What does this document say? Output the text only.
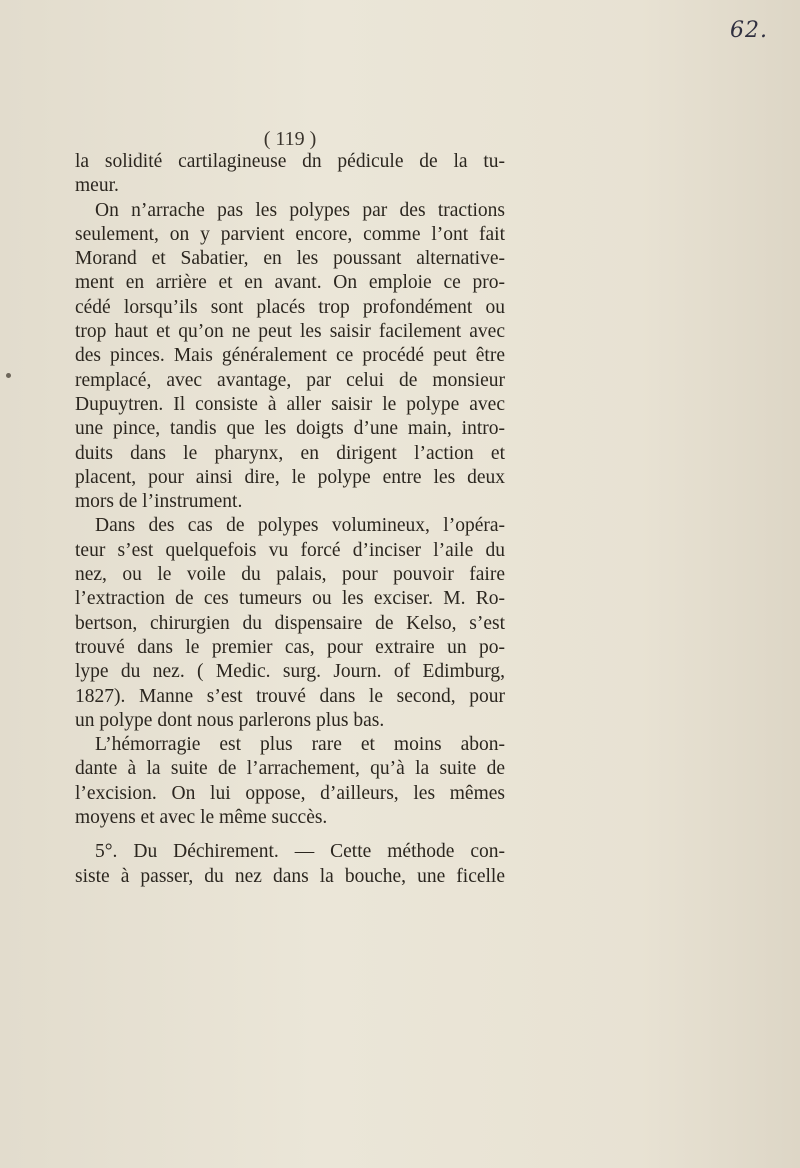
62.
( 119 )
la solidité cartilagineuse dn pédicule de la tu-
meur.
On n’arrache pas les polypes par des tractions
seulement, on y parvient encore, comme l’ont fait
Morand et Sabatier, en les poussant alternative-
ment en arrière et en avant. On emploie ce pro-
cédé lorsqu’ils sont placés trop profondément ou
trop haut et qu’on ne peut les saisir facilement avec
des pinces. Mais généralement ce procédé peut être
remplacé, avec avantage, par celui de monsieur
Dupuytren. Il consiste à aller saisir le polype avec
une pince, tandis que les doigts d’une main, intro-
duits dans le pharynx, en dirigent l’action et
placent, pour ainsi dire, le polype entre les deux
mors de l’instrument.
Dans des cas de polypes volumineux, l’opéra-
teur s’est quelquefois vu forcé d’inciser l’aile du
nez, ou le voile du palais, pour pouvoir faire
l’extraction de ces tumeurs ou les exciser. M. Ro-
bertson, chirurgien du dispensaire de Kelso, s’est
trouvé dans le premier cas, pour extraire un po-
lype du nez. ( Medic. surg. Journ. of Edimburg,
1827). Manne s’est trouvé dans le second, pour
un polype dont nous parlerons plus bas.
L’hémorragie est plus rare et moins abon-
dante à la suite de l’arrachement, qu’à la suite de
l’excision. On lui oppose, d’ailleurs, les mêmes
moyens et avec le même succès.
5°. Du Déchirement. — Cette méthode con-
siste à passer, du nez dans la bouche, une ficelle
